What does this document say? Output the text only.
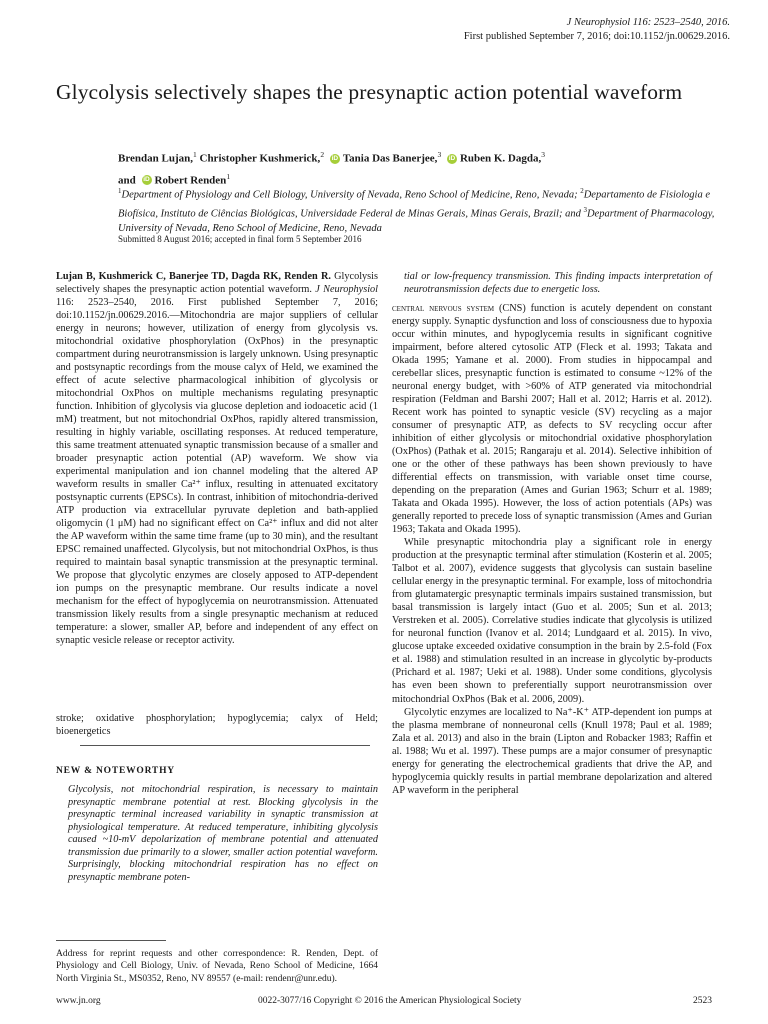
J Neurophysiol 116: 2523–2540, 2016.
First published September 7, 2016; doi:10.1152/jn.00629.2016.
Glycolysis selectively shapes the presynaptic action potential waveform
Brendan Lujan,$^1$ Christopher Kushmerick,$^2$ iD Tania Das Banerjee,$^3$ iD Ruben K. Dagda,$^3$
and iD Robert Renden$^1$
$^1$Department of Physiology and Cell Biology, University of Nevada, Reno School of Medicine, Reno, Nevada; $^2$Departamento de Fisiologia e Biofísica, Instituto de Ciências Biológicas, Universidade Federal de Minas Gerais, Minas Gerais, Brazil; and $^3$Department of Pharmacology, University of Nevada, Reno School of Medicine, Reno, Nevada
Submitted 8 August 2016; accepted in final form 5 September 2016

Lujan B, Kushmerick C, Banerjee TD, Dagda RK, Renden R. Glycolysis selectively shapes the presynaptic action potential waveform. J Neurophysiol 116: 2523–2540, 2016. First published September 7, 2016; doi:10.1152/jn.00629.2016.—Mitochondria are major suppliers of cellular energy in neurons; however, utilization of energy from glycolysis vs. mitochondrial oxidative phosphorylation (OxPhos) in the presynaptic compartment during neurotransmission is largely unknown. Using presynaptic and postsynaptic recordings from the mouse calyx of Held, we examined the effect of acute selective pharmacological inhibition of glycolysis or mitochondrial OxPhos on multiple mechanisms regulating presynaptic function. Inhibition of glycolysis via glucose depletion and iodoacetic acid (1 mM) treatment, but not mitochondrial OxPhos, rapidly altered transmission, resulting in highly variable, oscillating responses. At reduced temperature, this same treatment attenuated synaptic transmission because of a smaller and broader presynaptic action potential (AP) waveform. We show via experimental manipulation and ion channel modeling that the altered AP waveform results in smaller Ca²⁺ influx, resulting in attenuated excitatory postsynaptic currents (EPSCs). In contrast, inhibition of mitochondria-derived ATP production via extracellular pyruvate depletion and bath-applied oligomycin (1 μM) had no significant effect on Ca²⁺ influx and did not alter the AP waveform within the same time frame (up to 30 min), and the resultant EPSC remained unaffected. Glycolysis, but not mitochondrial OxPhos, is thus required to maintain basal synaptic transmission at the presynaptic terminal. We propose that glycolytic enzymes are closely apposed to ATP-dependent ion pumps on the presynaptic membrane. Our results indicate a novel mechanism for the effect of hypoglycemia on neurotransmission. Attenuated transmission likely results from a single presynaptic mechanism at reduced temperature: a slower, smaller AP, before and independent of any effect on synaptic vesicle release or receptor activity.

stroke; oxidative phosphorylation; hypoglycemia; calyx of Held; bioenergetics
NEW & NOTEWORTHY
Glycolysis, not mitochondrial respiration, is necessary to maintain presynaptic membrane potential at rest. Blocking glycolysis in the presynaptic terminal increased variability in synaptic transmission at physiological temperature. At reduced temperature, inhibiting glycolysis caused ~10-mV depolarization of membrane potential and attenuated transmission due primarily to a slower, smaller action potential waveform. Surprisingly, blocking mitochondrial respiration has no effect on presynaptic membrane poten-
Address for reprint requests and other correspondence: R. Renden, Dept. of Physiology and Cell Biology, Univ. of Nevada, Reno School of Medicine, 1664 North Virginia St., MS0352, Reno, NV 89557 (e-mail: rendenr@unr.edu).

tial or low-frequency transmission. This finding impacts interpretation of neurotransmission defects due to energetic loss.

central nervous system (CNS) function is acutely dependent on constant energy supply. Synaptic dysfunction and loss of consciousness due to hypoxia occur within minutes, and hypoglycemia results in significant cognitive impairment, before altered cytosolic ATP (Fleck et al. 1993; Takata and Okada 1995; Yamane et al. 2000). From studies in hippocampal and cerebellar slices, presynaptic function is estimated to consume ~12% of the neuronal energy budget, with >60% of ATP generated via mitochondrial respiration (Feldman and Barshi 2007; Hall et al. 2012; Harris et al. 2012). Recent work has pointed to synaptic vesicle (SV) recycling as a major consumer of presynaptic ATP, as defects to SV recycling occur after inhibition of either glycolysis or mitochondrial oxidative phosphorylation (OxPhos) (Pathak et al. 2015; Rangaraju et al. 2014). Selective inhibition of one or the other of these pathways has been shown previously to have differential effects on transmission, with variable onset time course, depending on the preparation (Ames and Gurian 1963; Schurr et al. 1989; Takata and Okada 1995). However, the loss of action potentials (APs) was generally reported to precede loss of synaptic transmission (Ames and Gurian 1963; Takata and Okada 1995).

While presynaptic mitochondria play a significant role in energy production at the presynaptic terminal after stimulation (Kosterin et al. 2005; Talbot et al. 2007), evidence suggests that glycolysis can sustain baseline cellular energy in the presynaptic terminal. For example, loss of mitochondria from glutamatergic presynaptic terminals impairs sustained transmission, but basal transmission is largely intact (Guo et al. 2005; Sun et al. 2013; Verstreken et al. 2005). Correlative studies indicate that glycolysis is utilized for neuronal function (Ivanov et al. 2014; Lundgaard et al. 2015). In vivo, glucose uptake exceeded oxidative consumption in the brain by 2.5-fold (Fox et al. 1988) and stimulation resulted in an increase in glycolytic by-products (Prichard et al. 1987; Ueki et al. 1988). Under some conditions, glycolysis has even been shown to preferentially support neurotransmission over mitochondrial OxPhos (Bak et al. 2006, 2009).

Glycolytic enzymes are localized to Na⁺-K⁺ ATP-dependent ion pumps at the plasma membrane of nonneuronal cells (Knull 1978; Paul et al. 1989; Zala et al. 2013) and also in the brain (Lipton and Robacker 1983; Raffin et al. 1988; Wu et al. 1997). These pumps are a major consumer of presynaptic energy for generating the electrochemical gradients that drive the AP, and hypoglycemia quickly results in partial membrane depolarization and altered AP waveform in the peripheral

www.jn.org	0022-3077/16 Copyright © 2016 the American Physiological Society	2523
